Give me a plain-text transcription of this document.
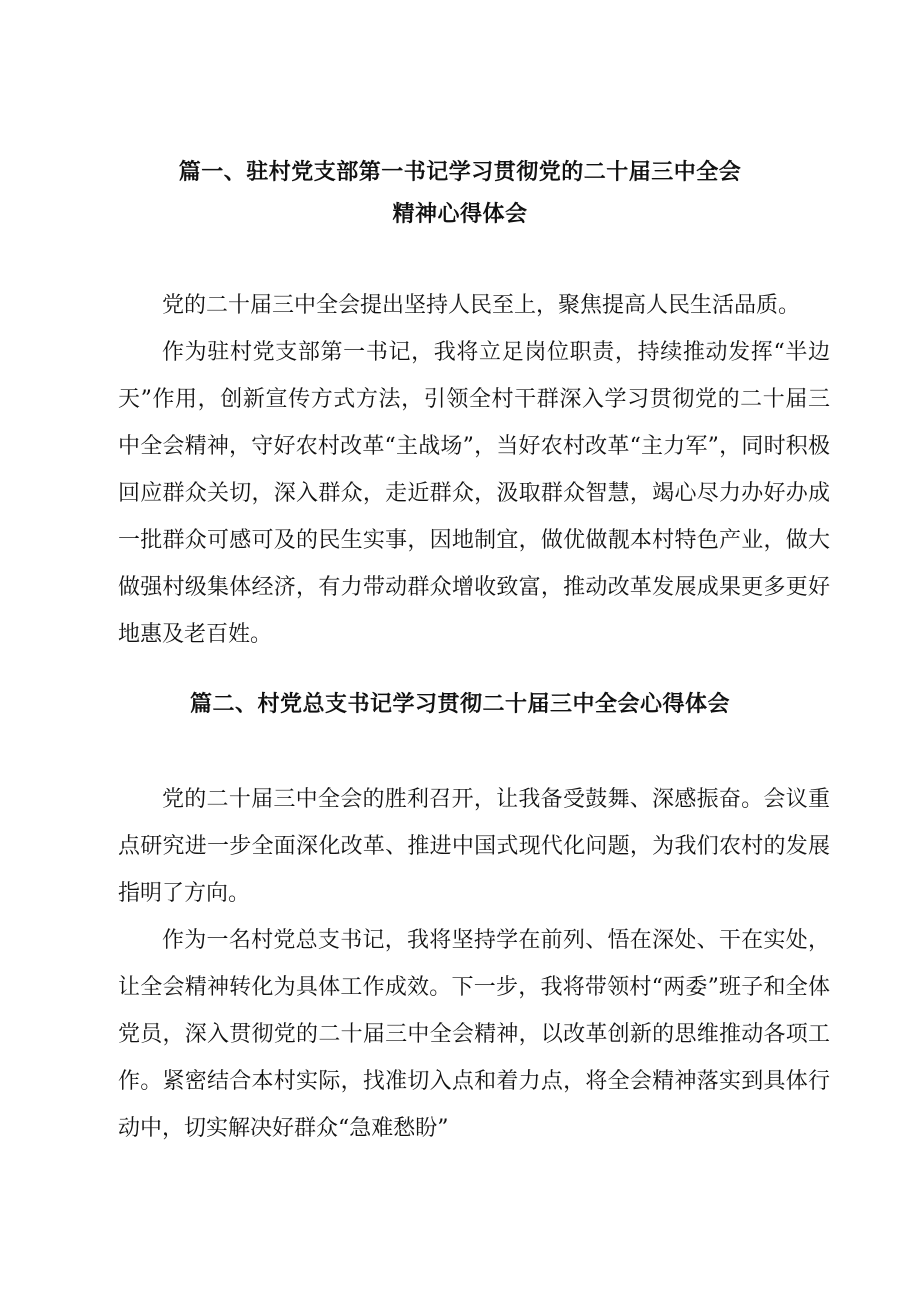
篇一、驻村党支部第一书记学习贯彻党的二十届三中全会
精神心得体会

党的二十届三中全会提出坚持人民至上，聚焦提高人民生活品质。

作为驻村党支部第一书记，我将立足岗位职责，持续推动发挥“半边天”作用，创新宣传方式方法，引领全村干群深入学习贯彻党的二十届三中全会精神，守好农村改革“主战场”，当好农村改革“主力军”，同时积极回应群众关切，深入群众，走近群众，汲取群众智慧，竭心尽力办好办成一批群众可感可及的民生实事，因地制宜，做优做靓本村特色产业，做大做强村级集体经济，有力带动群众增收致富，推动改革发展成果更多更好地惠及老百姓。

篇二、村党总支书记学习贯彻二十届三中全会心得体会

党的二十届三中全会的胜利召开，让我备受鼓舞、深感振奋。会议重点研究进一步全面深化改革、推进中国式现代化问题，为我们农村的发展指明了方向。

作为一名村党总支书记，我将坚持学在前列、悟在深处、干在实处，让全会精神转化为具体工作成效。下一步，我将带领村“两委”班子和全体党员，深入贯彻党的二十届三中全会精神，以改革创新的思维推动各项工作。紧密结合本村实际，找准切入点和着力点，将全会精神落实到具体行动中，切实解决好群众“急难愁盼”
